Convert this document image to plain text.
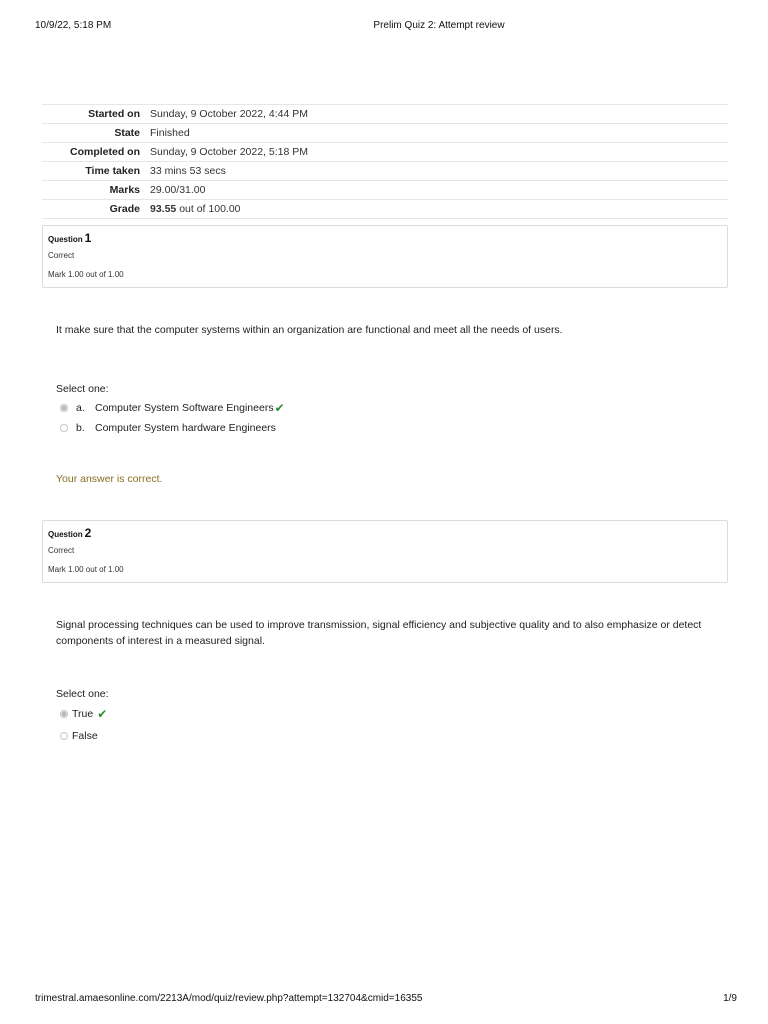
10/9/22, 5:18 PM	Prelim Quiz 2: Attempt review
Started on	Sunday, 9 October 2022, 4:44 PM
State	Finished
Completed on	Sunday, 9 October 2022, 5:18 PM
Time taken	33 mins 53 secs
Marks	29.00/31.00
Grade	93.55 out of 100.00
Question 1
Correct
Mark 1.00 out of 1.00
It make sure that the computer systems within an organization are functional and meet all the needs of users.
Select one:
a. Computer System Software Engineers ✔
b. Computer System hardware Engineers
Your answer is correct.
Question 2
Correct
Mark 1.00 out of 1.00
Signal processing techniques can be used to improve transmission, signal efficiency and subjective quality and to also emphasize or detect components of interest in a measured signal.
Select one:
True ✔
False
trimestral.amaesonline.com/2213A/mod/quiz/review.php?attempt=132704&cmid=16355	1/9
